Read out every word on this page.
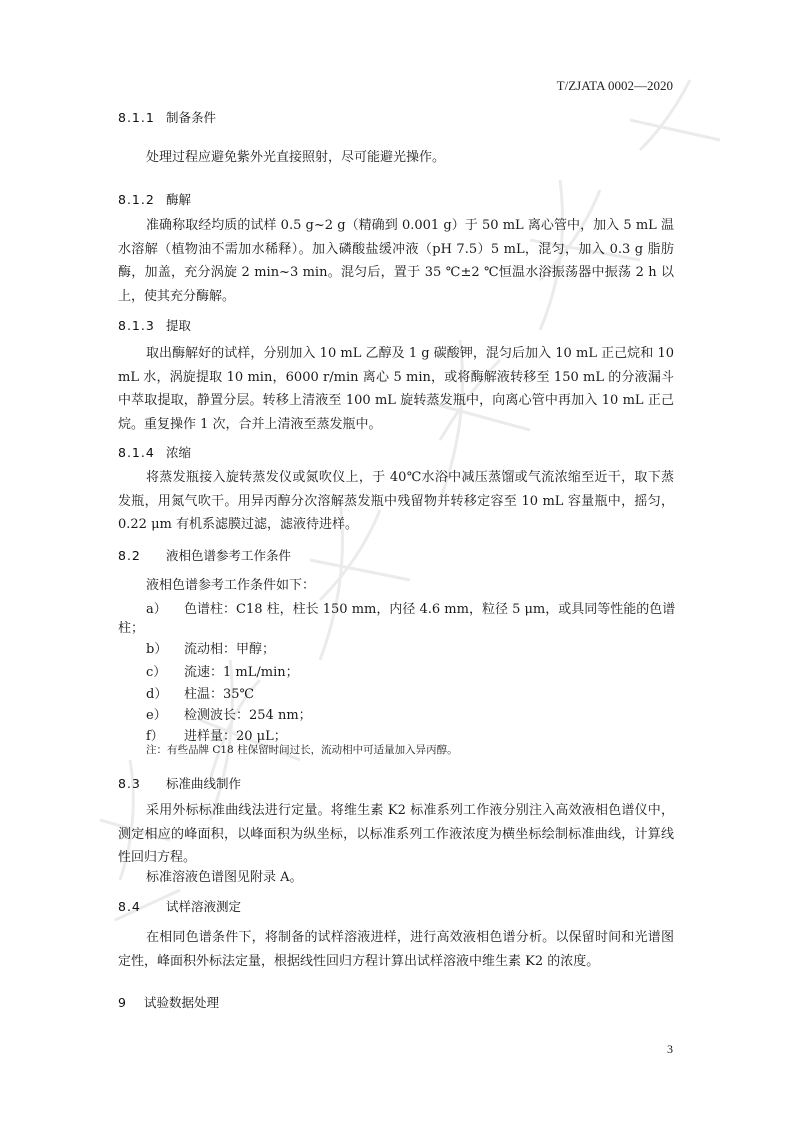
T/ZJATA 0002—2020
8.1.1 制备条件
处理过程应避免紫外光直接照射，尽可能避光操作。
8.1.2 酶解
准确称取经均质的试样 0.5 g~2 g（精确到 0.001 g）于 50 mL 离心管中，加入 5 mL 温水溶解（植物油不需加水稀释）。加入磷酸盐缓冲液（pH 7.5）5 mL，混匀，加入 0.3 g 脂肪酶，加盖，充分涡旋 2 min~3 min。混匀后，置于 35 ℃±2 ℃恒温水浴振荡器中振荡 2 h 以上，使其充分酶解。
8.1.3 提取
取出酶解好的试样，分别加入 10 mL 乙醇及 1 g 碳酸钾，混匀后加入 10 mL 正己烷和 10 mL 水，涡旋提取 10 min，6000 r/min 离心 5 min，或将酶解液转移至 150 mL 的分液漏斗中萃取提取，静置分层。转移上清液至 100 mL 旋转蒸发瓶中，向离心管中再加入 10 mL 正己烷。重复操作 1 次，合并上清液至蒸发瓶中。
8.1.4 浓缩
将蒸发瓶接入旋转蒸发仪或氮吹仪上，于 40℃水浴中减压蒸馏或气流浓缩至近干，取下蒸发瓶，用氮气吹干。用异丙醇分次溶解蒸发瓶中残留物并转移定容至 10 mL 容量瓶中，摇匀，0.22 μm 有机系滤膜过滤，滤液待进样。
8.2 液相色谱参考工作条件
液相色谱参考工作条件如下：
a） 色谱柱：C18 柱，柱长 150 mm，内径 4.6 mm，粒径 5 μm，或具同等性能的色谱
柱；
b） 流动相：甲醇；
c） 流速：1 mL/min；
d） 柱温：35℃
e） 检测波长：254 nm；
f） 进样量：20 μL；
注：有些品牌 C18 柱保留时间过长，流动相中可适量加入异丙醇。
8.3 标准曲线制作
采用外标标准曲线法进行定量。将维生素 K2 标准系列工作液分别注入高效液相色谱仪中，测定相应的峰面积，以峰面积为纵坐标，以标准系列工作液浓度为横坐标绘制标准曲线，计算线性回归方程。
标准溶液色谱图见附录 A。
8.4 试样溶液测定
在相同色谱条件下，将制备的试样溶液进样，进行高效液相色谱分析。以保留时间和光谱图定性，峰面积外标法定量，根据线性回归方程计算出试样溶液中维生素 K2 的浓度。
9 试验数据处理
3
